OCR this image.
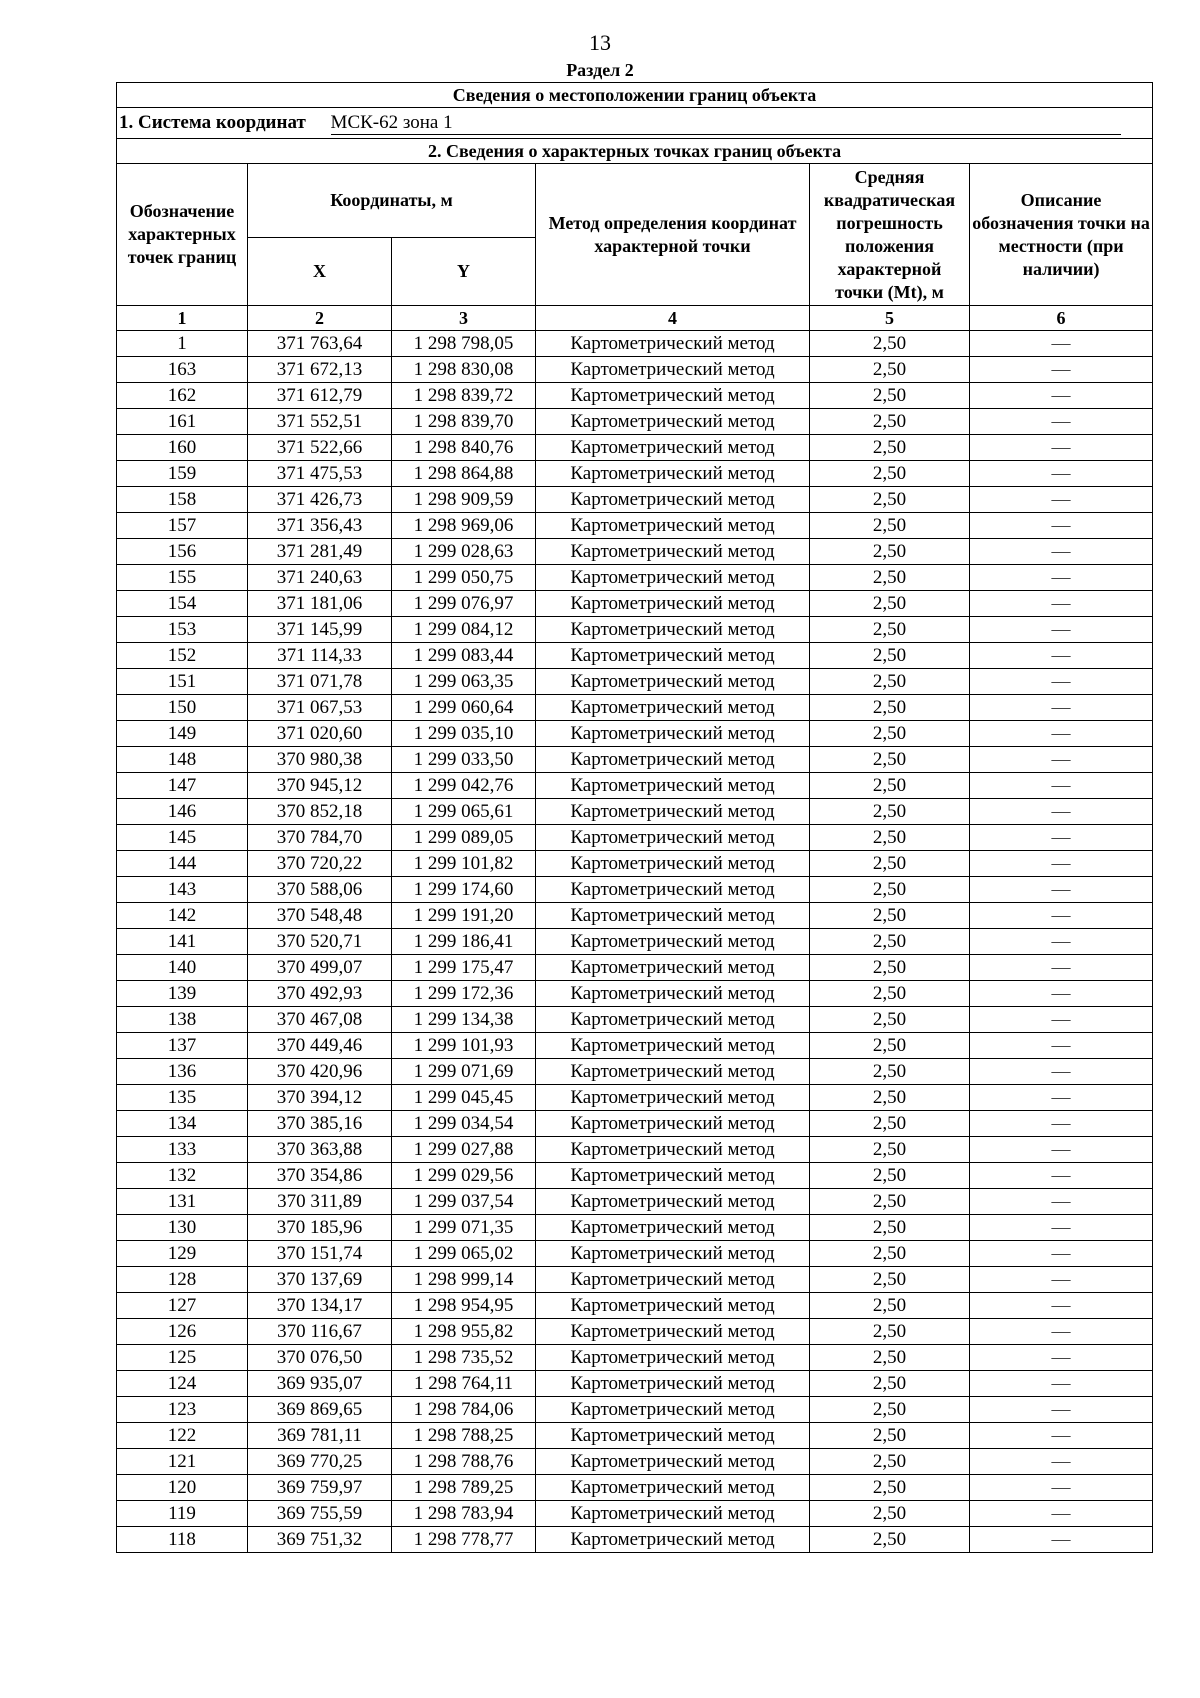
13
Раздел 2
Сведения о местоположении границ объекта					
1. Система координат МСК-62 зона 1					
2. Сведения о характерных точках границ объекта					
Обозначение характерных точек границ	Координаты, м		Метод определения координат характерной точки	Средняя квадратическая погрешность положения характерной точки (Mt), м	Описание обозначения точки на местности (при наличии)
	X	Y			
1	2	3	4	5	6
1	371 763,64	1 298 798,05	Картометрический метод	2,50	—
163	371 672,13	1 298 830,08	Картометрический метод	2,50	—
162	371 612,79	1 298 839,72	Картометрический метод	2,50	—
161	371 552,51	1 298 839,70	Картометрический метод	2,50	—
160	371 522,66	1 298 840,76	Картометрический метод	2,50	—
159	371 475,53	1 298 864,88	Картометрический метод	2,50	—
158	371 426,73	1 298 909,59	Картометрический метод	2,50	—
157	371 356,43	1 298 969,06	Картометрический метод	2,50	—
156	371 281,49	1 299 028,63	Картометрический метод	2,50	—
155	371 240,63	1 299 050,75	Картометрический метод	2,50	—
154	371 181,06	1 299 076,97	Картометрический метод	2,50	—
153	371 145,99	1 299 084,12	Картометрический метод	2,50	—
152	371 114,33	1 299 083,44	Картометрический метод	2,50	—
151	371 071,78	1 299 063,35	Картометрический метод	2,50	—
150	371 067,53	1 299 060,64	Картометрический метод	2,50	—
149	371 020,60	1 299 035,10	Картометрический метод	2,50	—
148	370 980,38	1 299 033,50	Картометрический метод	2,50	—
147	370 945,12	1 299 042,76	Картометрический метод	2,50	—
146	370 852,18	1 299 065,61	Картометрический метод	2,50	—
145	370 784,70	1 299 089,05	Картометрический метод	2,50	—
144	370 720,22	1 299 101,82	Картометрический метод	2,50	—
143	370 588,06	1 299 174,60	Картометрический метод	2,50	—
142	370 548,48	1 299 191,20	Картометрический метод	2,50	—
141	370 520,71	1 299 186,41	Картометрический метод	2,50	—
140	370 499,07	1 299 175,47	Картометрический метод	2,50	—
139	370 492,93	1 299 172,36	Картометрический метод	2,50	—
138	370 467,08	1 299 134,38	Картометрический метод	2,50	—
137	370 449,46	1 299 101,93	Картометрический метод	2,50	—
136	370 420,96	1 299 071,69	Картометрический метод	2,50	—
135	370 394,12	1 299 045,45	Картометрический метод	2,50	—
134	370 385,16	1 299 034,54	Картометрический метод	2,50	—
133	370 363,88	1 299 027,88	Картометрический метод	2,50	—
132	370 354,86	1 299 029,56	Картометрический метод	2,50	—
131	370 311,89	1 299 037,54	Картометрический метод	2,50	—
130	370 185,96	1 299 071,35	Картометрический метод	2,50	—
129	370 151,74	1 299 065,02	Картометрический метод	2,50	—
128	370 137,69	1 298 999,14	Картометрический метод	2,50	—
127	370 134,17	1 298 954,95	Картометрический метод	2,50	—
126	370 116,67	1 298 955,82	Картометрический метод	2,50	—
125	370 076,50	1 298 735,52	Картометрический метод	2,50	—
124	369 935,07	1 298 764,11	Картометрический метод	2,50	—
123	369 869,65	1 298 784,06	Картометрический метод	2,50	—
122	369 781,11	1 298 788,25	Картометрический метод	2,50	—
121	369 770,25	1 298 788,76	Картометрический метод	2,50	—
120	369 759,97	1 298 789,25	Картометрический метод	2,50	—
119	369 755,59	1 298 783,94	Картометрический метод	2,50	—
118	369 751,32	1 298 778,77	Картометрический метод	2,50	—
